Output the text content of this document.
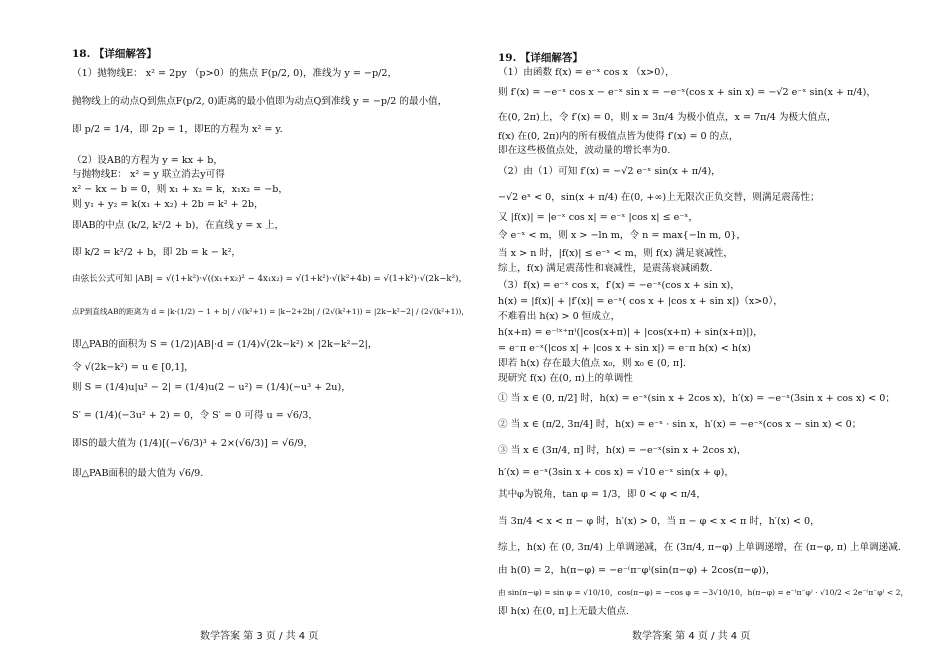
18. 【详细解答】
（1）抛物线E： x² = 2py （p>0）的焦点 F(p/2, 0)，准线为 y = −p/2，
抛物线上的动点Q到焦点F(p/2, 0)距离的最小值即为动点Q到准线 y = −p/2 的最小值，
即 p/2 = 1/4，即 2p = 1，即E的方程为 x² = y.
（2）设AB的方程为 y = kx + b，
与抛物线E： x² = y 联立消去y可得
x² − kx − b = 0，则 x₁ + x₂ = k，x₁x₂ = −b，
则 y₁ + y₂ = k(x₁ + x₂) + 2b = k² + 2b，
即AB的中点 (k/2, k²/2 + b)，在直线 y = x 上，
即 k/2 = k²/2 + b，即 2b = k − k²，
由弦长公式可知 |AB| = √(1+k²)·√((x₁+x₂)² − 4x₁x₂) = √(1+k²)·√(k²+4b) = √(1+k²)·√(2k−k²)，
点P到直线AB的距离为 d = |k·(1/2) − 1 + b| / √(k²+1) = |k−2+2b| / (2√(k²+1)) = |2k−k²−2| / (2√(k²+1))，
即△PAB的面积为 S = (1/2)|AB|·d = (1/4)√(2k−k²) × |2k−k²−2|，
令 √(2k−k²) = u ∈ [0,1]，
则 S = (1/4)u|u² − 2| = (1/4)u(2 − u²) = (1/4)(−u³ + 2u)，
S′ = (1/4)(−3u² + 2) = 0，令 S′ = 0 可得 u = √6/3，
即S的最大值为 (1/4)[(−√6/3)³ + 2×(√6/3)] = √6/9，
即△PAB面积的最大值为 √6/9.
数学答案 第 3 页 / 共 4 页
19. 【详细解答】
（1）由函数 f(x) = e⁻ˣ cos x （x>0），
则 f′(x) = −e⁻ˣ cos x − e⁻ˣ sin x = −e⁻ˣ(cos x + sin x) = −√2 e⁻ˣ sin(x + π/4)，
在(0, 2π)上，令 f′(x) = 0，则 x = 3π/4 为极小值点，x = 7π/4 为极大值点，
f(x) 在(0, 2π)内的所有极值点皆为使得 f′(x) = 0 的点，
即在这些极值点处，波动量的增长率为0.
（2）由（1）可知 f′(x) = −√2 e⁻ˣ sin(x + π/4)，
−√2 eˣ < 0，sin(x + π/4) 在(0, +∞)上无限次正负交替，则满足震荡性；
又 |f(x)| = |e⁻ˣ cos x| = e⁻ˣ |cos x| ≤ e⁻ˣ，
令 e⁻ˣ < m，则 x > −ln m，令 n = max{−ln m, 0}，
当 x > n 时，|f(x)| ≤ e⁻ˣ < m，则 f(x) 满足衰减性，
综上，f(x) 满足震荡性和衰减性，是震荡衰减函数.
（3）f(x) = e⁻ˣ cos x，f′(x) = −e⁻ˣ(cos x + sin x)，
h(x) = |f(x)| + |f′(x)| = e⁻ˣ( cos x + |cos x + sin x|)（x>0），
不难看出 h(x) > 0 恒成立，
h(x+π) = e⁻⁽ˣ⁺π⁾(|cos(x+π)| + |cos(x+π) + sin(x+π)|)，
= e⁻π e⁻ˣ(|cos x| + |cos x + sin x|) = e⁻π h(x) < h(x)
即若 h(x) 存在最大值点 x₀，则 x₀ ∈ (0, π].
现研究 f(x) 在(0, π)上的单调性
① 当 x ∈ (0, π/2] 时，h(x) = e⁻ˣ(sin x + 2cos x)，h′(x) = −e⁻ˣ(3sin x + cos x) < 0；
② 当 x ∈ (π/2, 3π/4] 时，h(x) = e⁻ˣ · sin x，h′(x) = −e⁻ˣ(cos x − sin x) < 0；
③ 当 x ∈ (3π/4, π] 时，h(x) = −e⁻ˣ(sin x + 2cos x)，
h′(x) = e⁻ˣ(3sin x + cos x) = √10 e⁻ˣ sin(x + φ)，
其中φ为锐角，tan φ = 1/3，即 0 < φ < π/4，
当 3π/4 < x < π − φ 时，h′(x) > 0，当 π − φ < x < π 时，h′(x) < 0，
综上，h(x) 在 (0, 3π/4) 上单调递减，在 (3π/4, π−φ) 上单调递增，在 (π−φ, π) 上单调递减.
由 h(0) = 2，h(π−φ) = −e⁻⁽π⁻φ⁾(sin(π−φ) + 2cos(π−φ))，
由 sin(π−φ) = sin φ = √10/10，cos(π−φ) = −cos φ = −3√10/10，h(π−φ) = e⁻⁽π⁻φ⁾ · √10/2 < 2e⁻⁽π⁻φ⁾ < 2，
即 h(x) 在(0, π]上无最大值点.
数学答案 第 4 页 / 共 4 页
